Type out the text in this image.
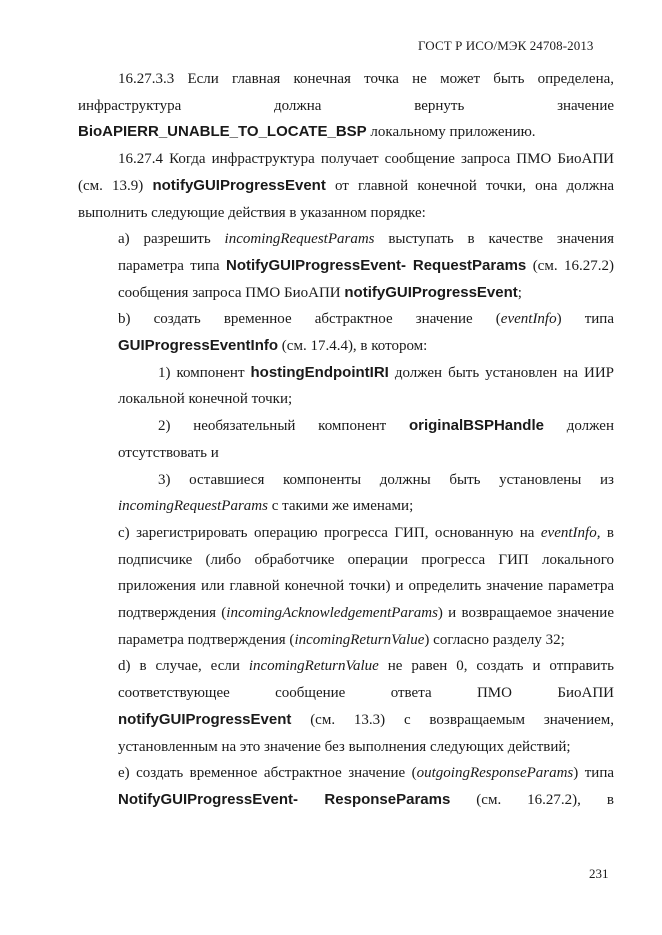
ГОСТ Р ИСО/МЭК 24708-2013

16.27.3.3 Если главная конечная точка не может быть определена, инфраструктура должна вернуть значение BioAPIERR_UNABLE_TO_LOCATE_BSP локальному приложению.

16.27.4 Когда инфраструктура получает сообщение запроса ПМО БиоАПИ (см. 13.9) notifyGUIProgressEvent от главной конечной точки, она должна выполнить следующие действия в указанном порядке:

a) разрешить incomingRequestParams выступать в качестве значения параметра типа NotifyGUIProgressEvent- RequestParams (см. 16.27.2) сообщения запроса ПМО БиоАПИ notifyGUIProgressEvent;

b) создать временное абстрактное значение (eventInfo) типа GUIProgressEventInfo (см. 17.4.4), в котором:

1) компонент hostingEndpointIRI должен быть установлен на ИИР локальной конечной точки;

2) необязательный компонент originalBSPHandle должен отсутствовать и

3) оставшиеся компоненты должны быть установлены из incomingRequestParams с такими же именами;

c) зарегистрировать операцию прогресса ГИП, основанную на eventInfo, в подписчике (либо обработчике операции прогресса ГИП локального приложения или главной конечной точки) и определить значение параметра подтверждения (incomingAcknowledgementParams) и возвращаемое значение параметра подтверждения (incomingReturnValue) согласно разделу 32;

d) в случае, если incomingReturnValue не равен 0, создать и отправить соответствующее сообщение ответа ПМО БиоАПИ notifyGUIProgressEvent (см. 13.3) с возвращаемым значением, установленным на это значение без выполнения следующих действий;

e) создать временное абстрактное значение (outgoingResponseParams) типа NotifyGUIProgressEvent- ResponseParams (см. 16.27.2), в

231
